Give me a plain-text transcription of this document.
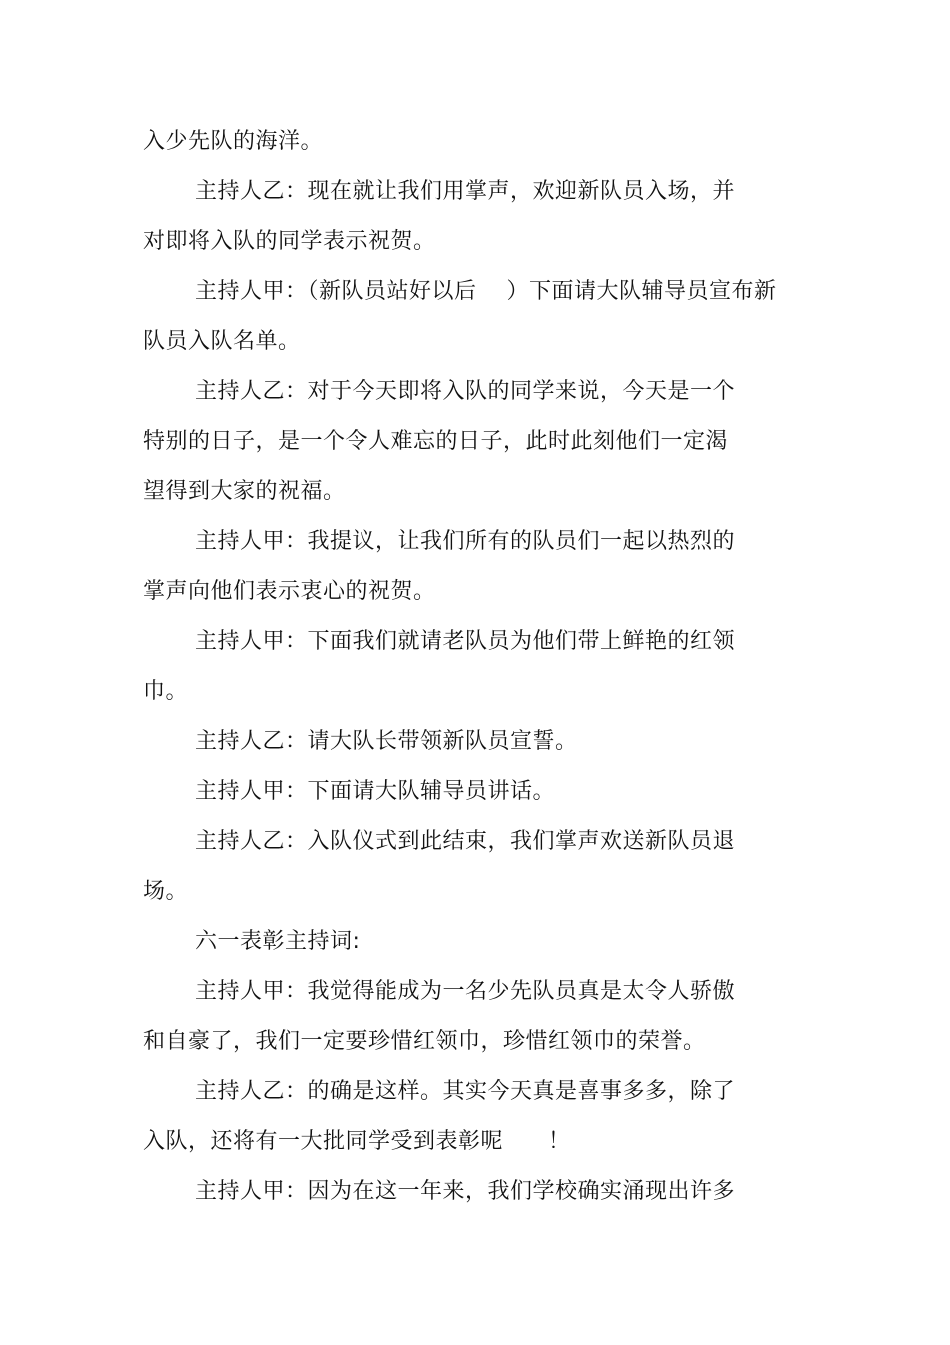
入少先队的海洋。
主持人乙：现在就让我们用掌声，欢迎新队员入场，并
对即将入队的同学表示祝贺。
主持人甲：（新队员站好以后    ）下面请大队辅导员宣布新
队员入队名单。
主持人乙：对于今天即将入队的同学来说，今天是一个
特别的日子，是一个令人难忘的日子，此时此刻他们一定渴
望得到大家的祝福。
主持人甲：我提议，让我们所有的队员们一起以热烈的
掌声向他们表示衷心的祝贺。
主持人甲：下面我们就请老队员为他们带上鲜艳的红领
巾。
主持人乙：请大队长带领新队员宣誓。
主持人甲：下面请大队辅导员讲话。
主持人乙：入队仪式到此结束，我们掌声欢送新队员退
场。
六一表彰主持词:
主持人甲：我觉得能成为一名少先队员真是太令人骄傲
和自豪了，我们一定要珍惜红领巾，珍惜红领巾的荣誉。
主持人乙：的确是这样。其实今天真是喜事多多，除了
入队，还将有一大批同学受到表彰呢      ！
主持人甲：因为在这一年来，我们学校确实涌现出许多
